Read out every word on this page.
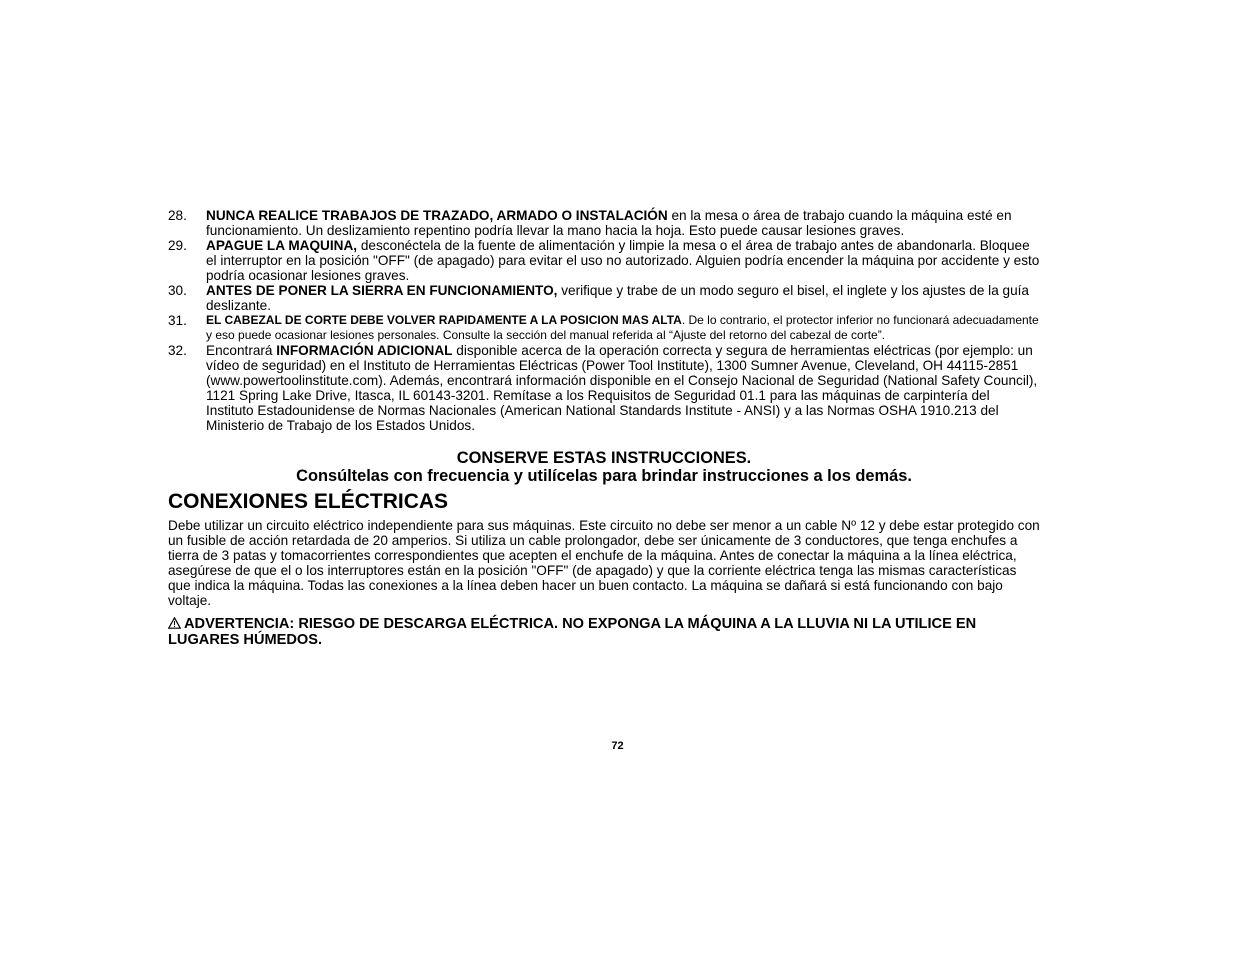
28. NUNCA REALICE TRABAJOS DE TRAZADO, ARMADO O INSTALACIÓN en la mesa o área de trabajo cuando la máquina esté en funcionamiento. Un deslizamiento repentino podría llevar la mano hacia la hoja. Esto puede causar lesiones graves.
29. APAGUE LA MAQUINA, desconéctela de la fuente de alimentación y limpie la mesa o el área de trabajo antes de abandonarla. Bloquee el interruptor en la posición "OFF" (de apagado) para evitar el uso no autorizado. Alguien podría encender la máquina por accidente y esto podría ocasionar lesiones graves.
30. ANTES DE PONER LA SIERRA EN FUNCIONAMIENTO, verifique y trabe de un modo seguro el bisel, el inglete y los ajustes de la guía deslizante.
31. EL CABEZAL DE CORTE DEBE VOLVER RAPIDAMENTE A LA POSICION MAS ALTA. De lo contrario, el protector inferior no funcionará adecuadamente y eso puede ocasionar lesiones personales. Consulte la sección del manual referida al “Ajuste del retorno del cabezal de corte”.
32. Encontrará INFORMACIÓN ADICIONAL disponible acerca de la operación correcta y segura de herramientas eléctricas (por ejemplo: un vídeo de seguridad) en el Instituto de Herramientas Eléctricas (Power Tool Institute), 1300 Sumner Avenue, Cleveland, OH 44115-2851 (www.powertoolinstitute.com). Además, encontrará información disponible en el Consejo Nacional de Seguridad (National Safety Council), 1121 Spring Lake Drive, Itasca, IL 60143-3201. Remítase a los Requisitos de Seguridad 01.1 para las máquinas de carpintería del Instituto Estadounidense de Normas Nacionales (American National Standards Institute - ANSI) y a las Normas OSHA 1910.213 del Ministerio de Trabajo de los Estados Unidos.
CONSERVE ESTAS INSTRUCCIONES.
Consúltelas con frecuencia y utilícelas para brindar instrucciones a los demás.
CONEXIONES ELÉCTRICAS
Debe utilizar un circuito eléctrico independiente para sus máquinas. Este circuito no debe ser menor a un cable Nº 12 y debe estar protegido con un fusible de acción retardada de 20 amperios. Si utiliza un cable prolongador, debe ser únicamente de 3 conductores, que tenga enchufes a tierra de 3 patas y tomacorrientes correspondientes que acepten el enchufe de la máquina. Antes de conectar la máquina a la línea eléctrica, asegúrese de que el o los interruptores están en la posición "OFF" (de apagado) y que la corriente eléctrica tenga las mismas características que indica la máquina. Todas las conexiones a la línea deben hacer un buen contacto. La máquina se dañará si está funcionando con bajo voltaje.
ADVERTENCIA: RIESGO DE DESCARGA ELÉCTRICA. NO EXPONGA LA MÁQUINA A LA LLUVIA NI LA UTILICE EN LUGARES HÚMEDOS.
72
